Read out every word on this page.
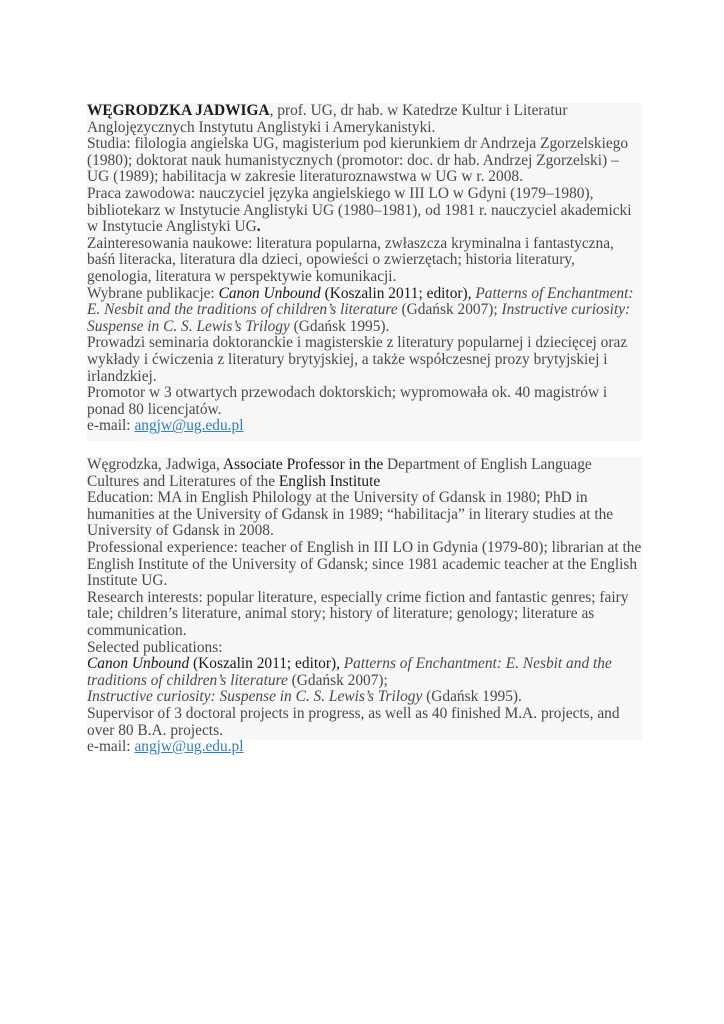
WĘGRODZKA JADWIGA, prof. UG, dr hab. w Katedrze Kultur i Literatur Anglojęzycznych Instytutu Anglistyki i Amerykanistyki.

Studia: filologia angielska UG, magisterium pod kierunkiem dr Andrzeja Zgorzelskiego (1980); doktorat nauk humanistycznych (promotor: doc. dr hab. Andrzej Zgorzelski) – UG (1989); habilitacja w zakresie literaturoznawstwa w UG w r. 2008.

Praca zawodowa: nauczyciel języka angielskiego w III LO w Gdyni (1979–1980), bibliotekarz w Instytucie Anglistyki UG (1980–1981), od 1981 r. nauczyciel akademicki w Instytucie Anglistyki UG.

Zainteresowania naukowe: literatura popularna, zwłaszcza kryminalna i fantastyczna, baśń literacka, literatura dla dzieci, opowieści o zwierzętach; historia literatury, genologia, literatura w perspektywie komunikacji.

Wybrane publikacje: Canon Unbound (Koszalin 2011; editor), Patterns of Enchantment: E. Nesbit and the traditions of children’s literature (Gdańsk 2007); Instructive curiosity: Suspense in C. S. Lewis’s Trilogy (Gdańsk 1995).

Prowadzi seminaria doktoranckie i magisterskie z literatury popularnej i dziecięcej oraz wykłady i ćwiczenia z literatury brytyjskiej, a także współczesnej prozy brytyjskiej i irlandzkiej.

Promotor w 3 otwartych przewodach doktorskich; wypromowała ok. 40 magistrów i ponad 80 licencjatów.

e-mail: angjw@ug.edu.pl

Węgrodzka, Jadwiga, Associate Professor in the Department of English Language Cultures and Literatures of the English Institute

Education: MA in English Philology at the University of Gdansk in 1980; PhD in humanities at the University of Gdansk in 1989; “habilitacja” in literary studies at the University of Gdansk in 2008.

Professional experience: teacher of English in III LO in Gdynia (1979-80); librarian at the English Institute of the University of Gdansk; since 1981 academic teacher at the English Institute UG.

Research interests: popular literature, especially crime fiction and fantastic genres; fairy tale; children’s literature, animal story; history of literature; genology; literature as communication.

Selected publications:

Canon Unbound (Koszalin 2011; editor), Patterns of Enchantment: E. Nesbit and the traditions of children’s literature (Gdańsk 2007);

Instructive curiosity: Suspense in C. S. Lewis’s Trilogy (Gdańsk 1995).

Supervisor of 3 doctoral projects in progress, as well as 40 finished M.A. projects, and over 80 B.A. projects.

e-mail: angjw@ug.edu.pl
